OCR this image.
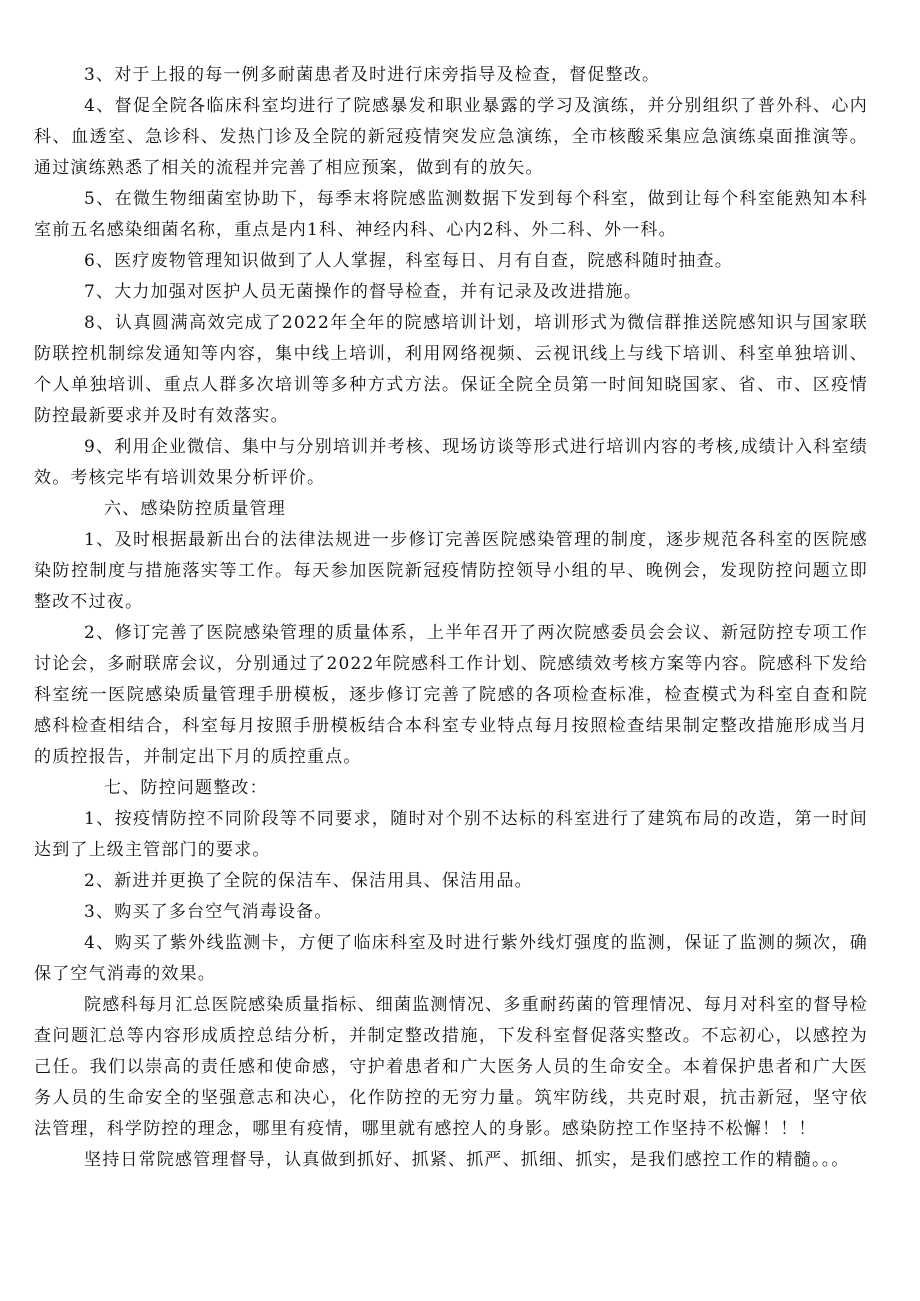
3、对于上报的每一例多耐菌患者及时进行床旁指导及检查，督促整改。

4、督促全院各临床科室均进行了院感暴发和职业暴露的学习及演练，并分别组织了普外科、心内科、血透室、急诊科、发热门诊及全院的新冠疫情突发应急演练，全市核酸采集应急演练桌面推演等。通过演练熟悉了相关的流程并完善了相应预案，做到有的放矢。

5、在微生物细菌室协助下，每季末将院感监测数据下发到每个科室，做到让每个科室能熟知本科室前五名感染细菌名称，重点是内1科、神经内科、心内2科、外二科、外一科。

6、医疗废物管理知识做到了人人掌握，科室每日、月有自查，院感科随时抽查。

7、大力加强对医护人员无菌操作的督导检查，并有记录及改进措施。

8、认真圆满高效完成了2022年全年的院感培训计划，培训形式为微信群推送院感知识与国家联防联控机制综发通知等内容，集中线上培训，利用网络视频、云视讯线上与线下培训、科室单独培训、个人单独培训、重点人群多次培训等多种方式方法。保证全院全员第一时间知晓国家、省、市、区疫情防控最新要求并及时有效落实。

9、利用企业微信、集中与分别培训并考核、现场访谈等形式进行培训内容的考核,成绩计入科室绩效。考核完毕有培训效果分析评价。

六、感染防控质量管理

1、及时根据最新出台的法律法规进一步修订完善医院感染管理的制度，逐步规范各科室的医院感染防控制度与措施落实等工作。每天参加医院新冠疫情防控领导小组的早、晚例会，发现防控问题立即整改不过夜。

2、修订完善了医院感染管理的质量体系，上半年召开了两次院感委员会会议、新冠防控专项工作讨论会，多耐联席会议，分别通过了2022年院感科工作计划、院感绩效考核方案等内容。院感科下发给科室统一医院感染质量管理手册模板，逐步修订完善了院感的各项检查标准，检查模式为科室自查和院感科检查相结合，科室每月按照手册模板结合本科室专业特点每月按照检查结果制定整改措施形成当月的质控报告，并制定出下月的质控重点。

七、防控问题整改：

1、按疫情防控不同阶段等不同要求，随时对个别不达标的科室进行了建筑布局的改造，第一时间达到了上级主管部门的要求。

2、新进并更换了全院的保洁车、保洁用具、保洁用品。

3、购买了多台空气消毒设备。

4、购买了紫外线监测卡，方便了临床科室及时进行紫外线灯强度的监测，保证了监测的频次，确保了空气消毒的效果。

院感科每月汇总医院感染质量指标、细菌监测情况、多重耐药菌的管理情况、每月对科室的督导检查问题汇总等内容形成质控总结分析，并制定整改措施，下发科室督促落实整改。不忘初心，以感控为己任。我们以崇高的责任感和使命感，守护着患者和广大医务人员的生命安全。本着保护患者和广大医务人员的生命安全的坚强意志和决心，化作防控的无穷力量。筑牢防线，共克时艰，抗击新冠，坚守依法管理，科学防控的理念，哪里有疫情，哪里就有感控人的身影。感染防控工作坚持不松懈！！！

坚持日常院感管理督导，认真做到抓好、抓紧、抓严、抓细、抓实，是我们感控工作的精髓。。。
